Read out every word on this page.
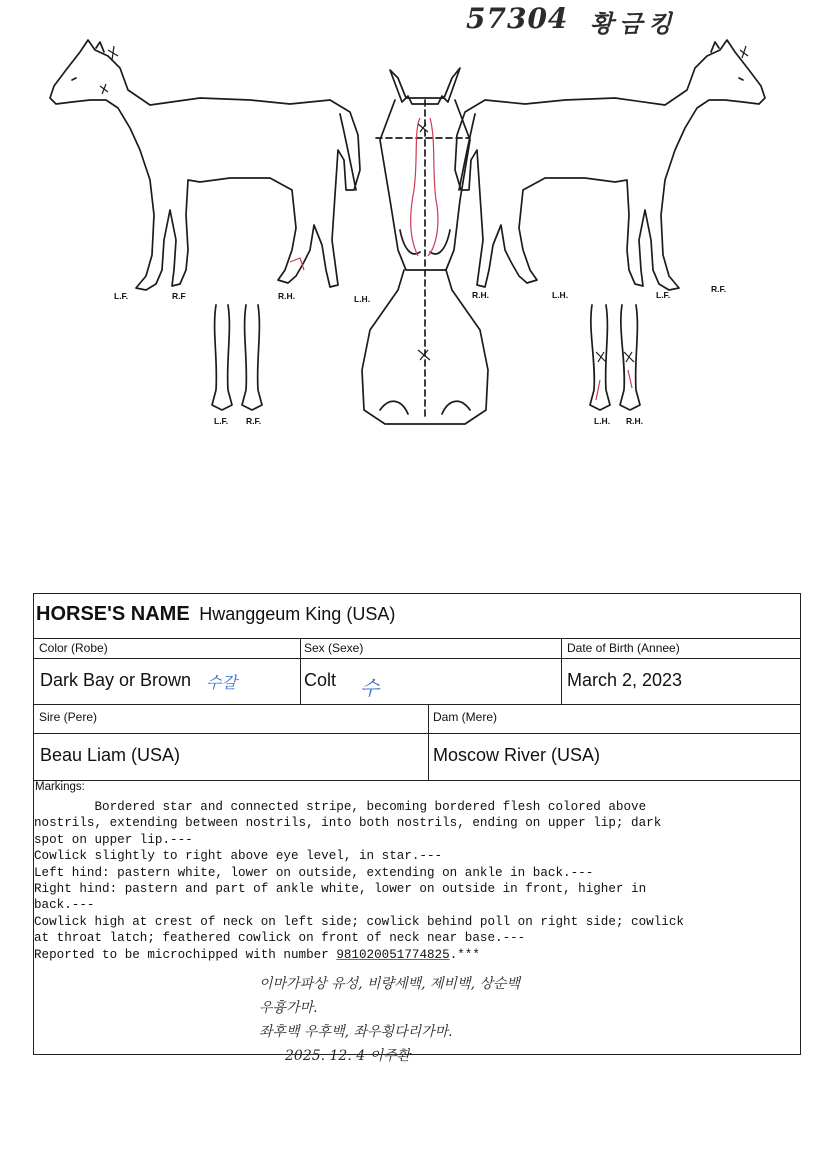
57304 황금킹
L.F.	R.F	R.H.	L.H.	R.H.	L.H.	L.F.
R.F.
L.F. R.F.	L.H. R.H.
HORSE'S NAME Hwanggeum King (USA)
Color (Robe)	Sex (Sexe)	Date of Birth (Annee)
Dark Bay or Brown 수갈	Colt 수	March 2, 2023
Sire (Pere)	Dam (Mere)
Beau Liam (USA)	Moscow River (USA)
Markings:
Bordered star and connected stripe, becoming bordered flesh colored above
nostrils, extending between nostrils, into both nostrils, ending on upper lip; dark
spot on upper lip.---
Cowlick slightly to right above eye level, in star.---
Left hind: pastern white, lower on outside, extending on ankle in back.---
Right hind: pastern and part of ankle white, lower on outside in front, higher in
back.---
Cowlick high at crest of neck on left side; cowlick behind poll on right side; cowlick
at throat latch; feathered cowlick on front of neck near base.---
Reported to be microchipped with number 981020051774825.***
이마가파상 유성, 비량세백, 제비백, 상순백
우흉가마.
좌후백 우후백, 좌우횡다리가마.
2025. 12. 4 이주환
